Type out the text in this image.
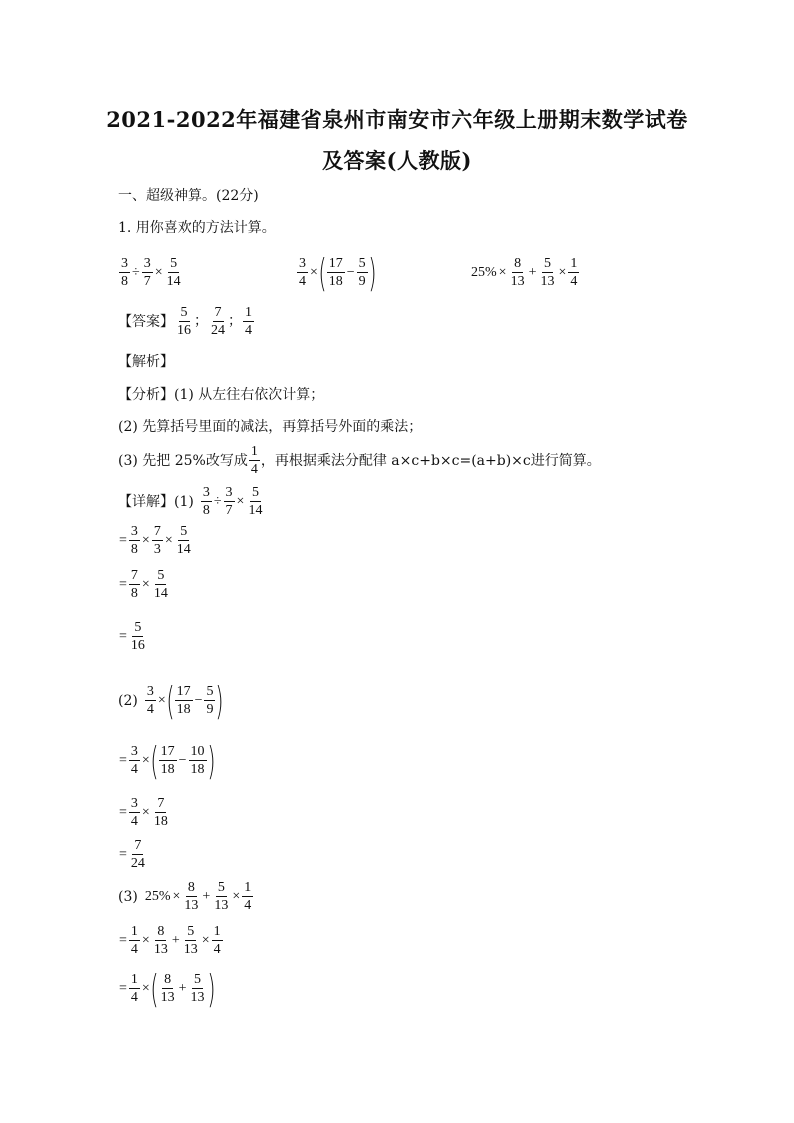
2021-2022年福建省泉州市南安市六年级上册期末数学试卷
及答案(人教版)
一、超级神算。(22分)
1. 用你喜欢的方法计算。
$\frac{3}{8} \div \frac{3}{7} \times \frac{5}{14}$	$\frac{3}{4}$ × ( $\frac{17}{18} - \frac{5}{9}$ )	$25\% \times \frac{8}{13} + \frac{5}{13} \times \frac{1}{4}$
【答案】 $\frac{5}{16}$ ； $\frac{7}{24}$ ； $\frac{1}{4}$
【解析】
【分析】 (1) 从左往右依次计算；
(2) 先算括号里面的减法，再算括号外面的乘法；
(3) 先把 25%改写成 $\frac{1}{4}$ ，再根据乘法分配律 a×c+b×c=(a+b)×c进行简算。
【详解】 $(1) \frac{3}{8} \div \frac{3}{7} \times \frac{5}{14}$
= $\frac{3}{8} \times \frac{7}{3} \times \frac{5}{14}$
= $\frac{7}{8} \times \frac{5}{14}$
= $\frac{5}{16}$
$(2) \frac{3}{4}$ × ( $\frac{17}{18} - \frac{5}{9}$ )
= $\frac{3}{4}$ × ( $\frac{17}{18} - \frac{10}{18}$ )
= $\frac{3}{4} \times \frac{7}{18}$
= $\frac{7}{24}$
(3) $25\% \times \frac{8}{13} + \frac{5}{13} \times \frac{1}{4}$
= $\frac{1}{4} \times \frac{8}{13} + \frac{5}{13} \times \frac{1}{4}$
= $\frac{1}{4}$ × ( $\frac{8}{13} + \frac{5}{13}$ )
